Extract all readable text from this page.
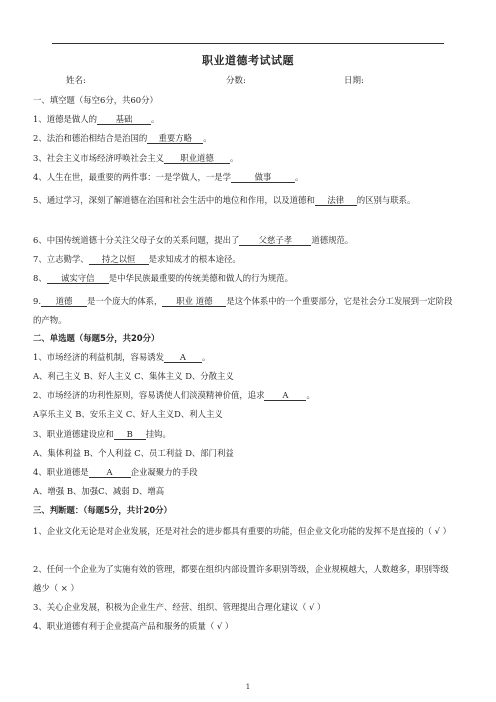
职业道德考试试题
姓名:	分数:	日期:
一、填空题（每空6分，共60分）
1、道德是做人的 基础 。
2、法治和德治相结合是治国的 重要方略 。
3、社会主义市场经济呼唤社会主义 职业道德 。
4、人生在世，最重要的两件事：一是学做人，一是学	做事	。
5、通过学习，深刻了解道德在治国和社会生活中的地位和作用，以及道德和 法律 的区别与联系。
6、中国传统道德十分关注父母子女的关系问题，提出了 父慈子孝 道德规范。
7、立志勤学、 持之以恒 是求知成才的根本途径。
8、 诚实守信 是中华民族最重要的传统美德和做人的行为规范。
9. 道德 是一个庞大的体系， 职业 道德 是这个体系中的一个重要部分，它是社会分工发展到一定阶段的产物。
二、单选题（每题5分，共20分）
1、市场经济的利益机制，容易诱发 A 。
A、利己主义 B、好人主义 C、集体主义 D、分散主义
2、市场经济的功利性原则，容易诱使人们淡漠精神价值，追求 A 。
A享乐主义 B、安乐主义 C、好人主义D、利人主义
3、职业道德建设应和 B 挂钩。
A、集体利益 B、个人利益 C、员工利益 D、部门利益
4、职业道德是 A 企业凝聚力的手段
A、增强 B、加强C、减弱 D、增高
三、判断题：（每题5分，共计20分）
1、企业文化无论是对企业发展，还是对社会的进步都具有重要的功能，但企业文化功能的发挥不是直接的（ √ ）
2、任何一个企业为了实施有效的管理，都要在组织内部设置许多职别等级，企业规模越大，人数越多，职别等级越少（ × ）
3、关心企业发展，积极为企业生产、经营、组织、管理提出合理化建议（ √ ）
4、职业道德有利于企业提高产品和服务的质量（ √ ）
1
